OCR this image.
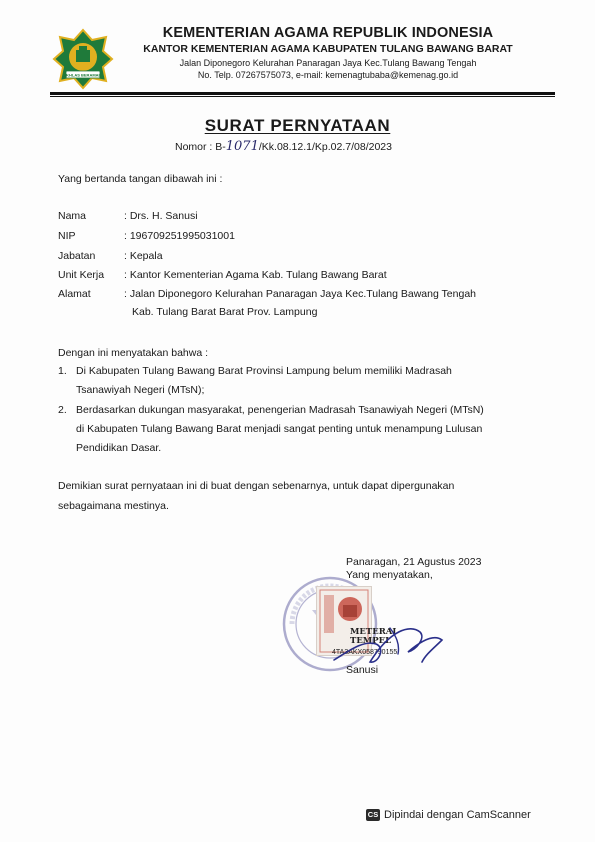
IKHLAS BERAMAL
KEMENTERIAN AGAMA REPUBLIK INDONESIA
KANTOR KEMENTERIAN AGAMA KABUPATEN TULANG BAWANG BARAT
Jalan Diponegoro Kelurahan Panaragan Jaya Kec.Tulang Bawang Tengah
No. Telp. 07267575073, e-mail: kemenagtubaba@kemenag.go.id
SURAT PERNYATAAN
Nomor : B-1071/Kk.08.12.1/Kp.02.7/08/2023
Yang bertanda tangan dibawah ini :
Nama	: Drs. H. Sanusi
NIP	: 196709251995031001
Jabatan	: Kepala
Unit Kerja : Kantor Kementerian Agama Kab. Tulang Bawang Barat
Alamat	: Jalan Diponegoro Kelurahan Panaragan Jaya Kec.Tulang Bawang Tengah
Kab. Tulang Barat Barat Prov. Lampung
Dengan ini menyatakan bahwa :
1. Di Kabupaten Tulang Bawang Barat Provinsi Lampung belum memiliki Madrasah
Tsanawiyah Negeri (MTsN);
2. Berdasarkan dukungan masyarakat, penengerian Madrasah Tsanawiyah Negeri (MTsN)
di Kabupaten Tulang Bawang Barat menjadi sangat penting untuk menampung Lulusan
Pendidikan Dasar.
Demikian surat pernyataan ini di buat dengan sebenarnya, untuk dapat dipergunakan
sebagaimana mestinya.
Panaragan, 21 Agustus 2023
Yang menyatakan,
METERAI
TEMPEL
4TA3AKX058790155
Sanusi
CS Dipindai dengan CamScanner
